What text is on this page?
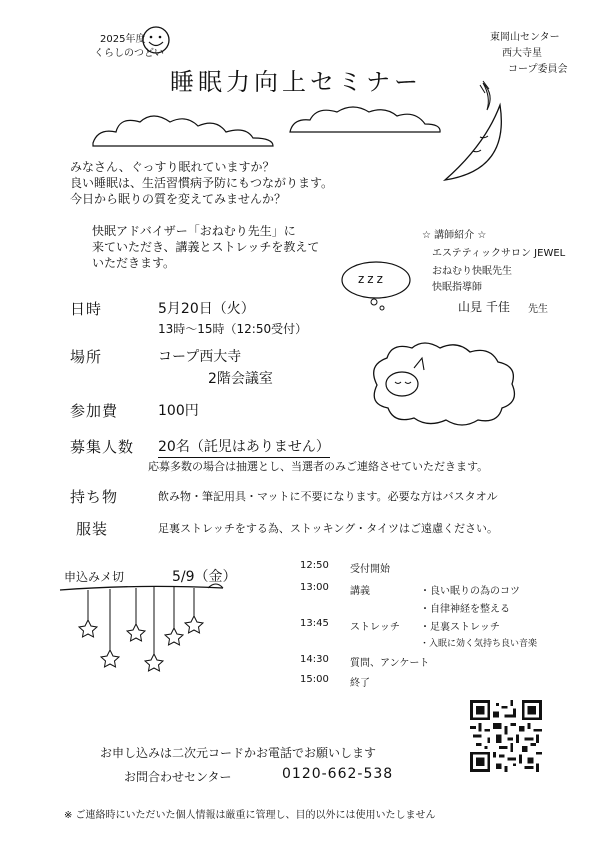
2025年度
くらしのつどい
睡眠力向上セミナー
東岡山センター
西大寺星
コープ委員会
みなさん、ぐっすり眠れていますか？
良い睡眠は、生活習慣病予防にもつながります。
今日から眠りの質を変えてみませんか？
快眠アドバイザー「おねむり先生」に
来ていただき、講義とストレッチを教えて
いただきます。
☆ 講師紹介 ☆
エステティックサロン JEWEL
おねむり快眠先生
快眠指導師
山見 千佳 先生
zzz
日時	5月20日（火）
13時～15時（12:50受付）
場所	コープ西大寺
2階会議室
参加費	100円
募集人数 20名（託児はありません）
応募多数の場合は抽選とし、当選者のみご連絡させていただきます。
持ち物	飲み物・筆記用具・マットに不要になります。必要な方はバスタオル
服装	足裏ストレッチをする為、ストッキング・タイツはご遠慮ください。
申込みメ切	5/9（金）
12:50 受付開始
13:00 講義	・良い眠りの為のコツ
・自律神経を整える
13:45 ストレッチ ・足裏ストレッチ
・入眠に効く気持ち良い音楽
14:30 質問、アンケート
15:00 終了
お申し込みは二次元コードかお電話でお願いします
お問合わせセンター	0120-662-538
※ ご連絡時にいただいた個人情報は厳重に管理し、目的以外には使用いたしません
